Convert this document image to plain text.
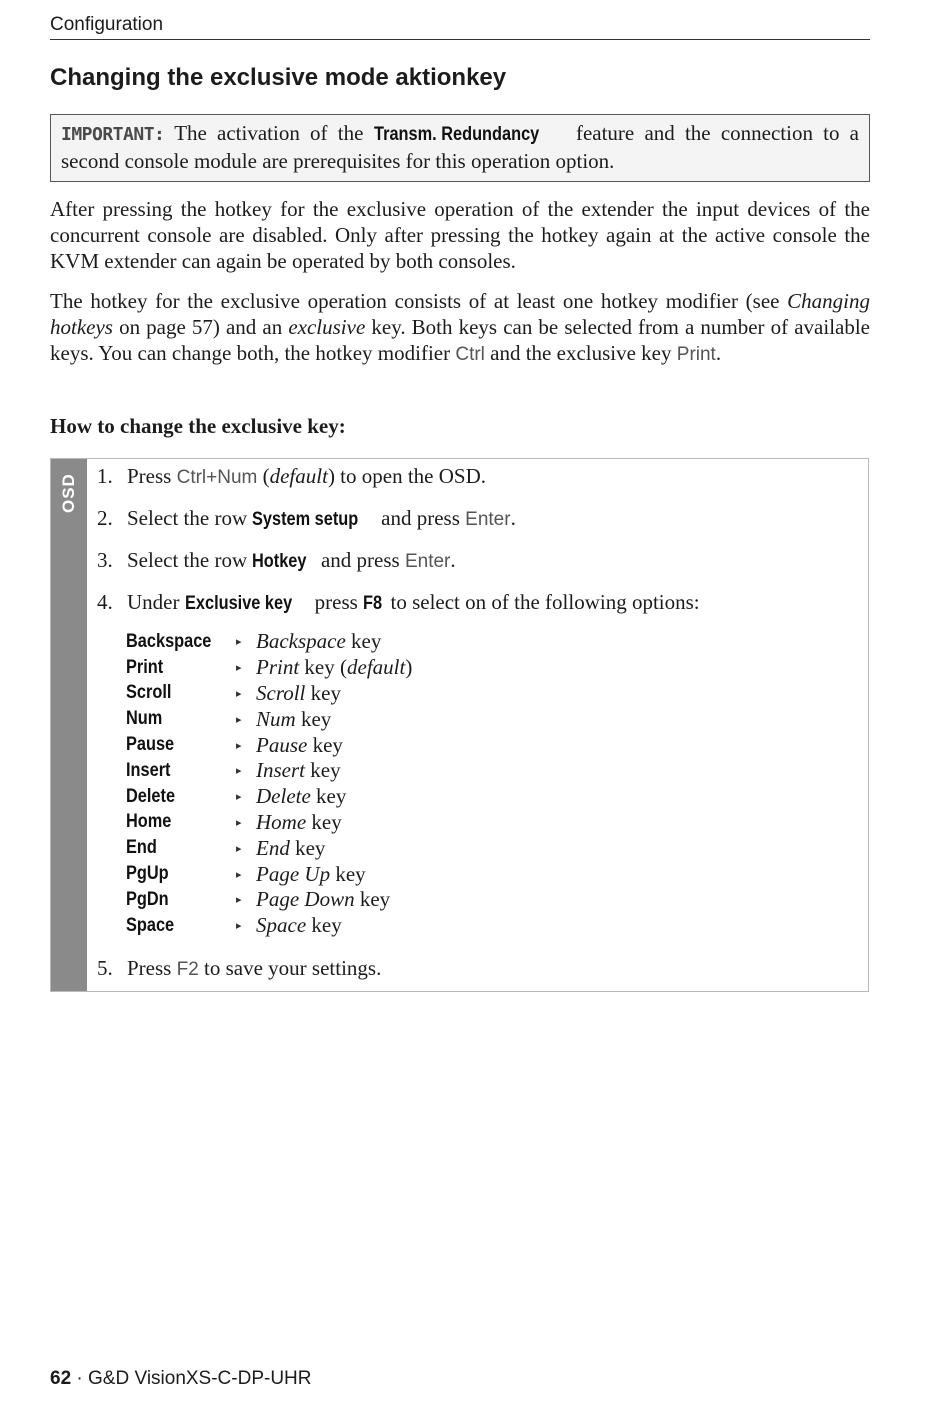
Configuration
Changing the exclusive mode aktionkey
IMPORTANT: The activation of the Transm. Redundancy feature and the connection to a second console module are prerequisites for this operation option.

After pressing the hotkey for the exclusive operation of the extender the input devices of the concurrent console are disabled. Only after pressing the hotkey again at the active console the KVM extender can again be operated by both consoles.

The hotkey for the exclusive operation consists of at least one hotkey modifier (see Changing hotkeys on page 57) and an exclusive key. Both keys can be selected from a number of available keys. You can change both, the hotkey modifier Ctrl and the exclusive key Print.

How to change the exclusive key:

OSD 1. Press Ctrl+Num (default) to open the OSD.

2. Select the row System setup and press Enter.

3. Select the row Hotkey and press Enter.

4. Under Exclusive key press F8 to select on of the following options:

Backspace	▸ Backspace key
Print	▸ Print key (default)
Scroll	▸ Scroll key
Num	▸ Num key
Pause	▸ Pause key
Insert	▸ Insert key
Delete	▸ Delete key
Home	▸ Home key
End	▸ End key
PgUp	▸ Page Up key
PgDn	▸ Page Down key
Space	▸ Space key

5. Press F2 to save your settings.

62 · G&D VisionXS-C-DP-UHR
